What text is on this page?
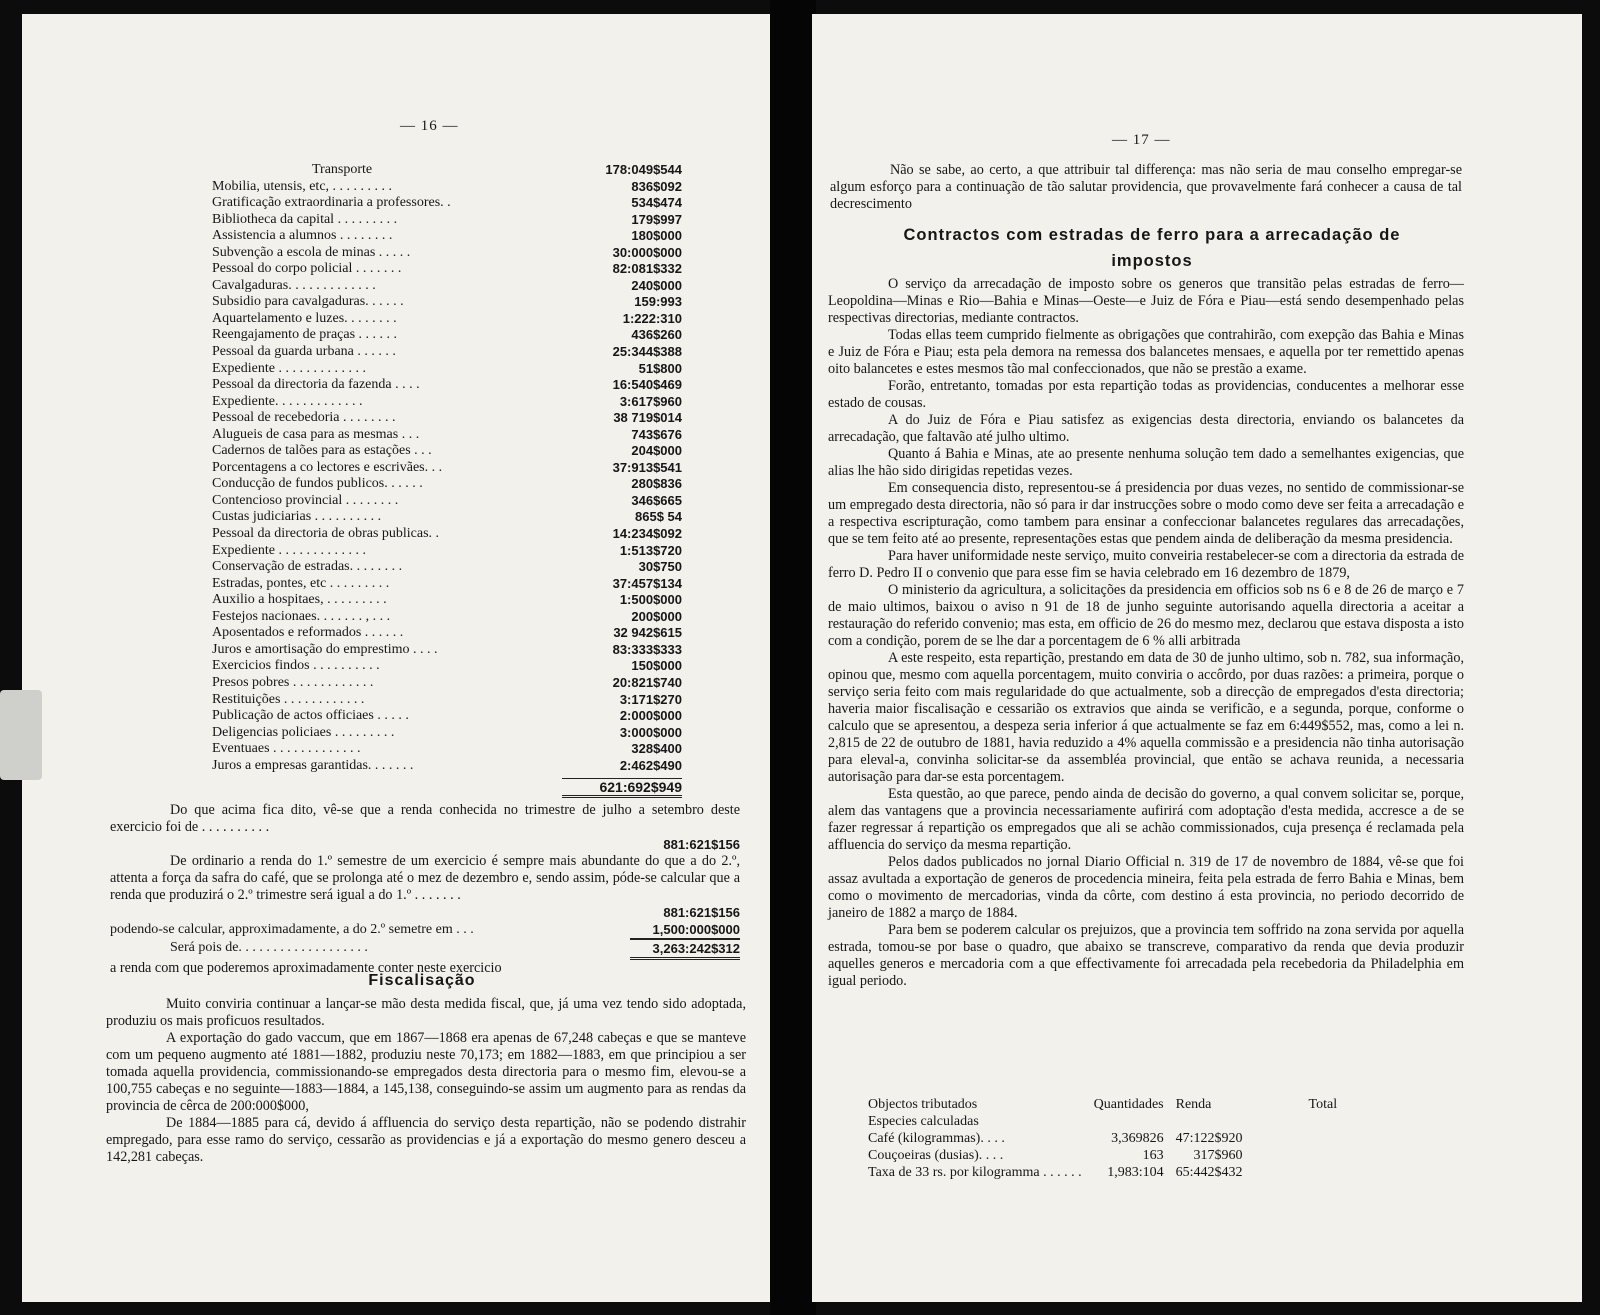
— 16 —
Transporte	178:049$544
Mobilia, utensis, etc, . . . . . . . . .	836$092
Gratificação extraordinaria a professores. .	534$474
Bibliotheca da capital . . . . . . . . .	179$997
Assistencia a alumnos . . . . . . . .	180$000
Subvenção a escola de minas . . . . .	30:000$000
Pessoal do corpo policial . . . . . . .	82:081$332
Cavalgaduras. . . . . . . . . . . . .	240$000
Subsidio para cavalgaduras. . . . . .	159:993
Aquartelamento e luzes. . . . . . . .	1:222:310
Reengajamento de praças . . . . . .	436$260
Pessoal da guarda urbana . . . . . .	25:344$388
Expediente . . . . . . . . . . . . .	51$800
Pessoal da directoria da fazenda . . . .	16:540$469
Expediente. . . . . . . . . . . . .	3:617$960
Pessoal de recebedoria . . . . . . . .	38 719$014
Alugueis de casa para as mesmas . . .	743$676
Cadernos de talões para as estações . . .	204$000
Porcentagens a co lectores e escrivães. . .	37:913$541
Conducção de fundos publicos. . . . . .	280$836
Contencioso provincial . . . . . . . .	346$665
Custas judiciarias . . . . . . . . . .	865$ 54
Pessoal da directoria de obras publicas. .	14:234$092
Expediente . . . . . . . . . . . . .	1:513$720
Conservação de estradas. . . . . . . .	30$750
Estradas, pontes, etc . . . . . . . . .	37:457$134
Auxilio a hospitaes, . . . . . . . . .	1:500$000
Festejos nacionaes. . . . . . . , . . .	200$000
Aposentados e reformados . . . . . .	32 942$615
Juros e amortisação do emprestimo . . . .	83:333$333
Exercicios findos . . . . . . . . . .	150$000
Presos pobres . . . . . . . . . . . .	20:821$740
Restituições . . . . . . . . . . . .	3:171$270
Publicação de actos officiaes . . . . .	2:000$000
Deligencias policiaes . . . . . . . . .	3:000$000
Eventuaes . . . . . . . . . . . . .	328$400
Juros a empresas garantidas. . . . . . .	2:462$490
621:692$949

Do que acima fica dito, vê-se que a renda conhecida no trimestre de julho a setembro deste exercicio foi de . . . . . . . . . .

881:621$156

De ordinario a renda do 1.º semestre de um exercicio é sempre mais abundante do que a do 2.º, attenta a força da safra do café, que se prolonga até o mez de dezembro e, sendo assim, póde-se calcular que a renda que produzirá o 2.º trimestre será igual a do 1.º . . . . . . .

881:621$156
podendo-se calcular, approximadamente, a do 2.º semetre em . . .	1,500:000$000
Será pois de. . . . . . . . . . . . . . . . . . .	3,263:242$312

a renda com que poderemos aproximadamente conter neste exercicio

Fiscalisação

Muito conviria continuar a lançar-se mão desta medida fiscal, que, já uma vez tendo sido adoptada, produziu os mais proficuos resultados.

A exportação do gado vaccum, que em 1867—1868 era apenas de 67,248 cabeças e que se manteve com um pequeno augmento até 1881—1882, produziu neste 70,173; em 1882—1883, em que principiou a ser tomada aquella providencia, commissionando-se empregados desta directoria para o mesmo fim, elevou-se a 100,755 cabeças e no seguinte—1883—1884, a 145,138, conseguindo-se assim um augmento para as rendas da provincia de cêrca de 200:000$000,

De 1884—1885 para cá, devido á affluencia do serviço desta repartição, não se podendo distrahir empregado, para esse ramo do serviço, cessarão as providencias e já a exportação do mesmo genero desceu a 142,281 cabeças.

— 17 —

Não se sabe, ao certo, a que attribuir tal differença: mas não seria de mau conselho empregar-se algum esforço para a continuação de tão salutar providencia, que provavelmente fará conhecer a causa de tal decrescimento

Contractos com estradas de ferro para a arrecadação de impostos

O serviço da arrecadação de imposto sobre os generos que transitão pelas estradas de ferro—Leopoldina—Minas e Rio—Bahia e Minas—Oeste—e Juiz de Fóra e Piau—está sendo desempenhado pelas respectivas directorias, mediante contractos.

Todas ellas teem cumprido fielmente as obrigações que contrahirão, com exepção das Bahia e Minas e Juiz de Fóra e Piau; esta pela demora na remessa dos balancetes mensaes, e aquella por ter remettido apenas oito balancetes e estes mesmos tão mal confeccionados, que não se prestão a exame.

Forão, entretanto, tomadas por esta repartição todas as providencias, conducentes a melhorar esse estado de cousas.

A do Juiz de Fóra e Piau satisfez as exigencias desta directoria, enviando os balancetes da arrecadação, que faltavão até julho ultimo.

Quanto á Bahia e Minas, ate ao presente nenhuma solução tem dado a semelhantes exigencias, que alias lhe hão sido dirigidas repetidas vezes.

Em consequencia disto, representou-se á presidencia por duas vezes, no sentido de commissionar-se um empregado desta directoria, não só para ir dar instrucções sobre o modo como deve ser feita a arrecadação e a respectiva escripturação, como tambem para ensinar a confeccionar balancetes regulares das arrecadações, que se tem feito até ao presente, representações estas que pendem ainda de deliberação da mesma presidencia.

Para haver uniformidade neste serviço, muito conveiria restabelecer-se com a directoria da estrada de ferro D. Pedro II o convenio que para esse fim se havia celebrado em 16 dezembro de 1879,

O ministerio da agricultura, a solicitações da presidencia em officios sob ns 6 e 8 de 26 de março e 7 de maio ultimos, baixou o aviso n 91 de 18 de junho seguinte autorisando aquella directoria a aceitar a restauração do referido convenio; mas esta, em officio de 26 do mesmo mez, declarou que estava disposta a isto com a condição, porem de se lhe dar a porcentagem de 6 % alli arbitrada

A este respeito, esta repartição, prestando em data de 30 de junho ultimo, sob n. 782, sua informação, opinou que, mesmo com aquella porcentagem, muito conviria o accôrdo, por duas razões: a primeira, porque o serviço seria feito com mais regularidade do que actualmente, sob a direcção de empregados d'esta directoria; haveria maior fiscalisação e cessarião os extravios que ainda se verificão, e a segunda, porque, conforme o calculo que se apresentou, a despeza seria inferior á que actualmente se faz em 6:449$552, mas, como a lei n. 2,815 de 22 de outubro de 1881, havia reduzido a 4% aquella commissão e a presidencia não tinha autorisação para eleval-a, convinha solicitar-se da assembléa provincial, que então se achava reunida, a necessaria autorisação para dar-se esta porcentagem.

Esta questão, ao que parece, pendo ainda de decisão do governo, a qual convem solicitar se, porque, alem das vantagens que a provincia necessariamente aufirirá com adoptação d'esta medida, accresce a de se fazer regressar á repartição os empregados que ali se achão commissionados, cuja presença é reclamada pela affluencia do serviço da mesma repartição.

Pelos dados publicados no jornal Diario Official n. 319 de 17 de novembro de 1884, vê-se que foi assaz avultada a exportação de generos de procedencia mineira, feita pela estrada de ferro Bahia e Minas, bem como o movimento de mercadorias, vinda da côrte, com destino á esta provincia, no periodo decorrido de janeiro de 1882 a março de 1884.

Para bem se poderem calcular os prejuizos, que a provincia tem soffrido na zona servida por aquella estrada, tomou-se por base o quadro, que abaixo se transcreve, comparativo da renda que devia produzir aquelles generos e mercadoria com a que effectivamente foi arrecadada pela recebedoria da Philadelphia em igual periodo.

Objectos tributados	Quantidades	Renda	Total
Especies calculadas			
Café (kilogrammas). . . .	3,369826	47:122$920	
Couçoeiras (dusias). . . .	163	317$960	
Taxa de 33 rs. por kilogramma . . . . . .	1,983:104	65:442$432	
